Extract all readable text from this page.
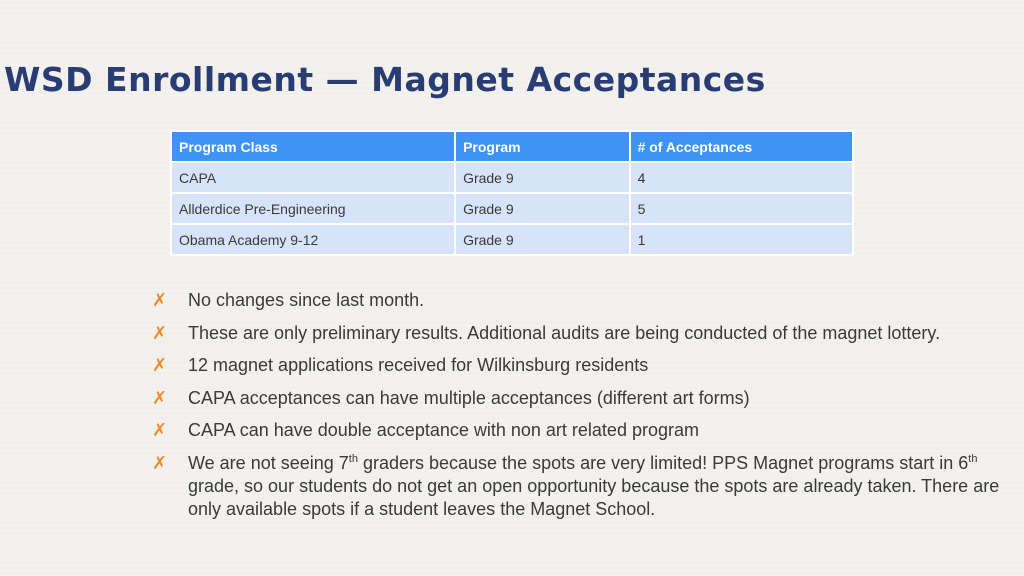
WSD Enrollment — Magnet Acceptances
Program Class	Program	# of Acceptances
CAPA	Grade 9	4
Allderdice Pre-Engineering	Grade 9	5
Obama Academy 9-12	Grade 9	1
✗ No changes since last month.
✗ These are only preliminary results. Additional audits are being conducted of the magnet lottery.
✗ 12 magnet applications received for Wilkinsburg residents
✗ CAPA acceptances can have multiple acceptances (different art forms)
✗ CAPA can have double acceptance with non art related program
✗ We are not seeing 7th graders because the spots are very limited! PPS Magnet programs start in 6th grade, so our students do not get an open opportunity because the spots are already taken. There are only available spots if a student leaves the Magnet School.
